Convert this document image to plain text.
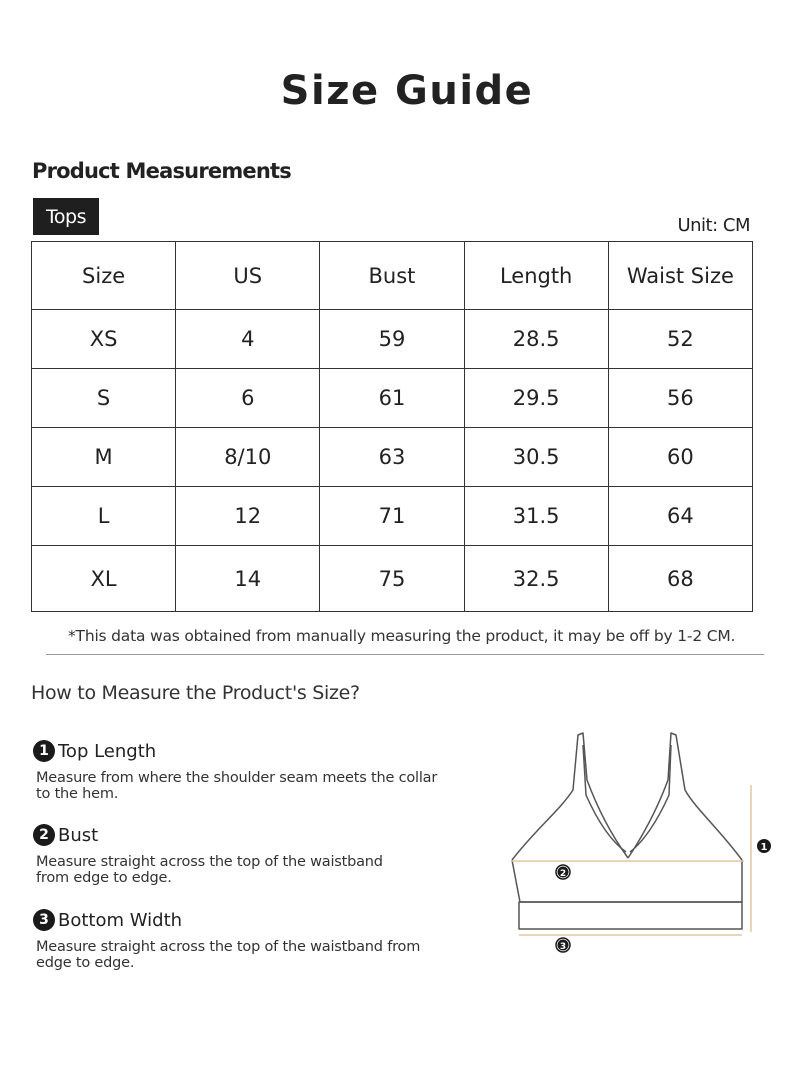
Size Guide
Product Measurements
Tops	Unit: CM
Size	US	Bust	Length	Waist Size
XS	4	59	28.5	52
S	6	61	29.5	56
M	8/10	63	30.5	60
L	12	71	31.5	64
XL	14	75	32.5	68
*This data was obtained from manually measuring the product, it may be off by 1-2 CM.
How to Measure the Product's Size?
1 Top Length
Measure from where the shoulder seam meets the collar
to the hem.
2 Bust
Measure straight across the top of the waistband
from edge to edge.
3 Bottom Width
Measure straight across the top of the waistband from
edge to edge.
1
2
3
